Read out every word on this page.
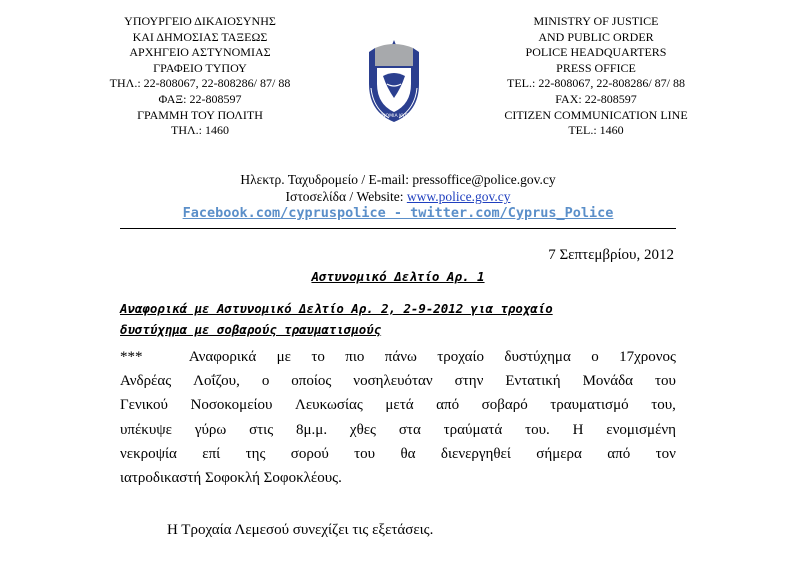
ΥΠΟΥΡΓΕΙΟ ΔΙΚΑΙΟΣΥΝΗΣ
ΚΑΙ ΔΗΜΟΣΙΑΣ ΤΑΞΕΩΣ
ΑΡΧΗΓΕΙΟ ΑΣΤΥΝΟΜΙΑΣ
ΓΡΑΦΕΙΟ ΤΥΠΟΥ
ΤΗΛ.: 22-808067, 22-808286/ 87/ 88
ΦΑΞ: 22-808597
ΓΡΑΜΜΗ ΤΟΥ ΠΟΛΙΤΗ
ΤΗΛ.: 1460
ΑΣΤΥΝΟΜΙΑ ΚΥΠΡΟΥ
MINISTRY OF JUSTICE
AND PUBLIC ORDER
POLICE HEADQUARTERS
PRESS OFFICE
TEL.: 22-808067, 22-808286/ 87/ 88
FAX: 22-808597
CITIZEN COMMUNICATION LINE
TEL.: 1460
Ηλεκτρ. Ταχυδρομείο / E-mail: pressoffice@police.gov.cy
Ιστοσελίδα / Website: www.police.gov.cy
Facebook.com/cypruspolice - twitter.com/Cyprus_Police
7 Σεπτεμβρίου, 2012
Αστυνομικό Δελτίο Αρ. 1
Αναφορικά με Αστυνομικό Δελτίο Αρ. 2, 2-9-2012 για τροχαίο
δυστύχημα με σοβαρούς τραυματισμούς
***	Αναφορικά με το πιο πάνω τροχαίο δυστύχημα ο 17χρονος
Ανδρέας Λοΐζου, ο οποίος νοσηλευόταν στην Εντατική Μονάδα του
Γενικού Νοσοκομείου Λευκωσίας μετά από σοβαρό τραυματισμό του,
υπέκυψε γύρω στις 8μ.μ. χθες στα τραύματά του. Η ενομισμένη
νεκροψία επί της σορού του θα διενεργηθεί σήμερα από τον
ιατροδικαστή Σοφοκλή Σοφοκλέους.
Η Τροχαία Λεμεσού συνεχίζει τις εξετάσεις.
